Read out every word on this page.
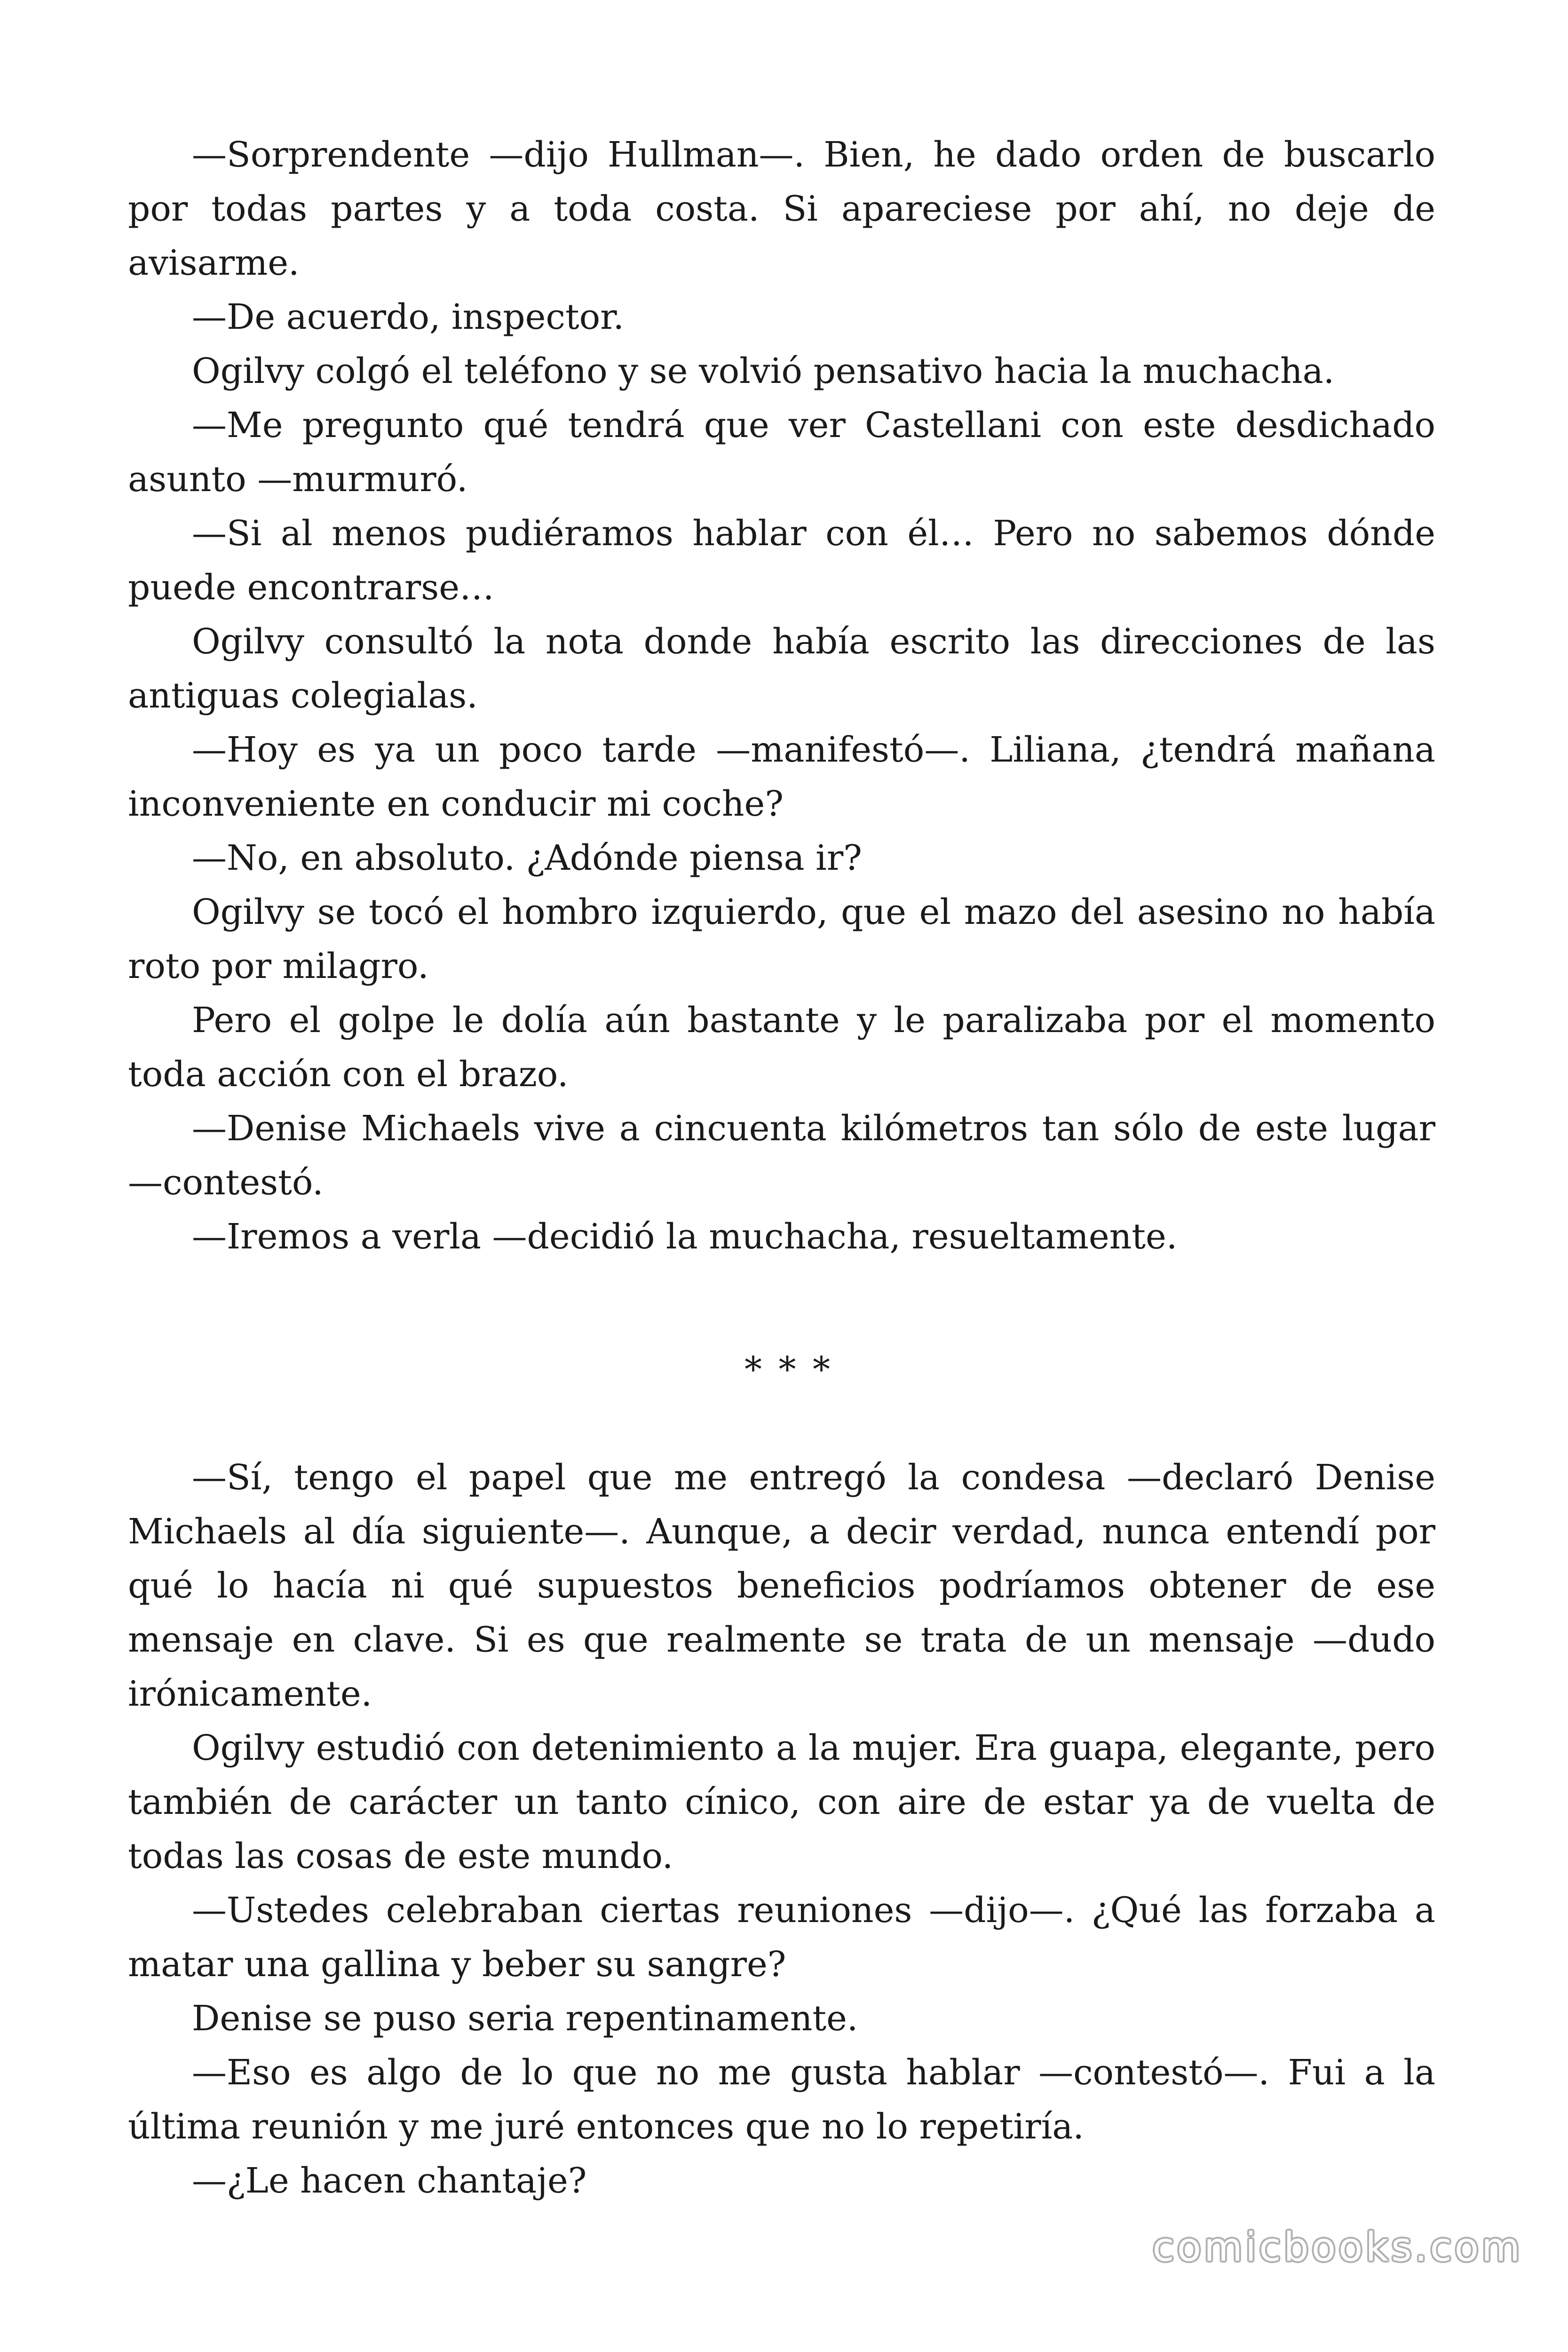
—Sorprendente —dijo Hullman—. Bien, he dado orden de buscarlo por todas partes y a toda costa. Si apareciese por ahí, no deje de avisarme.

—De acuerdo, inspector.

Ogilvy colgó el teléfono y se volvió pensativo hacia la muchacha.

—Me pregunto qué tendrá que ver Castellani con este desdichado asunto —murmuró.

—Si al menos pudiéramos hablar con él… Pero no sabemos dónde puede encontrarse…

Ogilvy consultó la nota donde había escrito las direcciones de las antiguas colegialas.

—Hoy es ya un poco tarde —manifestó—. Liliana, ¿tendrá mañana inconveniente en conducir mi coche?

—No, en absoluto. ¿Adónde piensa ir?

Ogilvy se tocó el hombro izquierdo, que el mazo del asesino no había roto por milagro.

Pero el golpe le dolía aún bastante y le paralizaba por el momento toda acción con el brazo.

—Denise Michaels vive a cincuenta kilómetros tan sólo de este lugar —contestó.

—Iremos a verla —decidió la muchacha, resueltamente.

* * *

—Sí, tengo el papel que me entregó la condesa —declaró Denise Michaels al día siguiente—. Aunque, a decir verdad, nunca entendí por qué lo hacía ni qué supuestos beneficios podríamos obtener de ese mensaje en clave. Si es que realmente se trata de un mensaje —dudo irónicamente.

Ogilvy estudió con detenimiento a la mujer. Era guapa, elegante, pero también de carácter un tanto cínico, con aire de estar ya de vuelta de todas las cosas de este mundo.

—Ustedes celebraban ciertas reuniones —dijo—. ¿Qué las forzaba a matar una gallina y beber su sangre?

Denise se puso seria repentinamente.

—Eso es algo de lo que no me gusta hablar —contestó—. Fui a la última reunión y me juré entonces que no lo repetiría.

—¿Le hacen chantaje?

comicbooks.com
